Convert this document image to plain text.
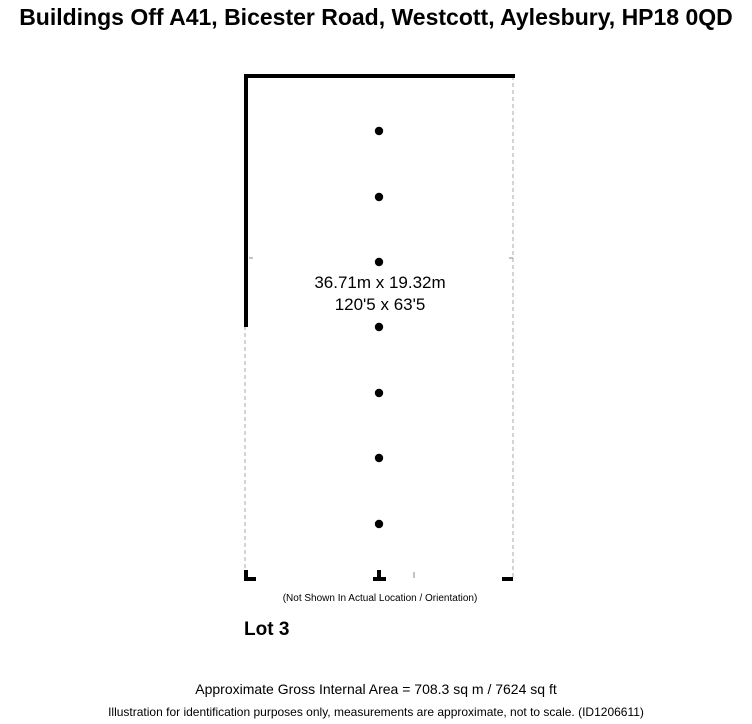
Buildings Off A41, Bicester Road, Westcott, Aylesbury, HP18 0QD
36.71m x 19.32m
120'5 x 63'5
(Not Shown In Actual Location / Orientation)
Lot 3
Approximate Gross Internal Area = 708.3 sq m / 7624 sq ft
Illustration for identification purposes only, measurements are approximate, not to scale. (ID1206611)
